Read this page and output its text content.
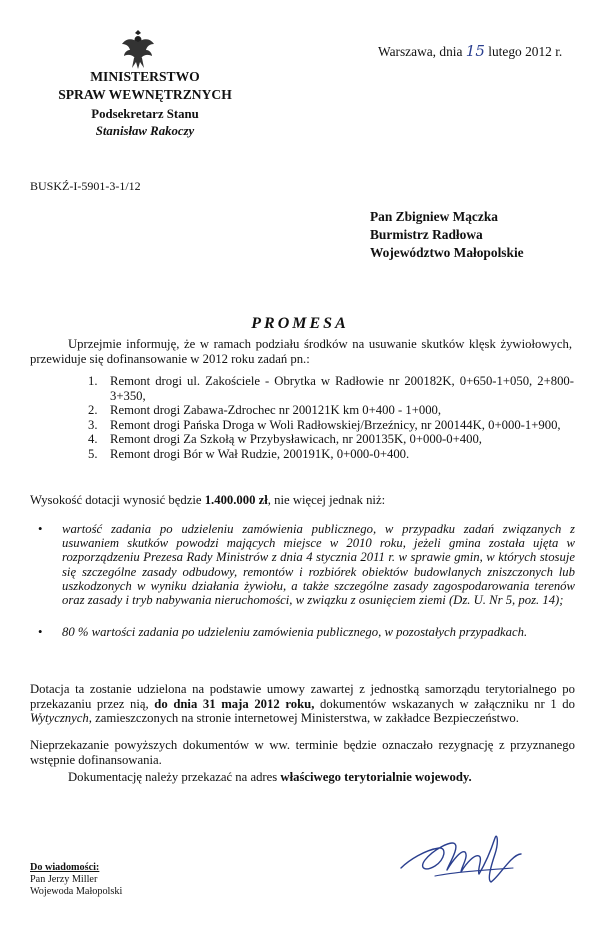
MINISTERSTWO
SPRAW WEWNĘTRZNYCH
Podsekretarz Stanu
Stanisław Rakoczy
Warszawa, dnia 15 lutego 2012 r.
BUSKŹ-I-5901-3-1/12
Pan Zbigniew Mączka
Burmistrz Radłowa
Województwo Małopolskie
PROMESA
Uprzejmie informuję, że w ramach podziału środków na usuwanie skutków klęsk żywiołowych, przewiduje się dofinansowanie w 2012 roku zadań pn.:
1. Remont drogi ul. Zakościele - Obrytka w Radłowie nr 200182K, 0+650-1+050, 2+800-3+350,
2. Remont drogi Zabawa-Zdrochec nr 200121K km 0+400 - 1+000,
3. Remont drogi Pańska Droga w Woli Radłowskiej/Brzeźnicy, nr 200144K, 0+000-1+900,
4. Remont drogi Za Szkołą w Przybysławicach, nr 200135K, 0+000-0+400,
5. Remont drogi Bór w Wał Rudzie, 200191K, 0+000-0+400.
Wysokość dotacji wynosić będzie 1.400.000 zł, nie więcej jednak niż:
• wartość zadania po udzieleniu zamówienia publicznego, w przypadku zadań związanych z usuwaniem skutków powodzi mających miejsce w 2010 roku, jeżeli gmina została ujęta w rozporządzeniu Prezesa Rady Ministrów z dnia 4 stycznia 2011 r. w sprawie gmin, w których stosuje się szczególne zasady odbudowy, remontów i rozbiórek obiektów budowlanych zniszczonych lub uszkodzonych w wyniku działania żywiołu, a także szczególne zasady zagospodarowania terenów oraz zasady i tryb nabywania nieruchomości, w związku z osunięciem ziemi (Dz. U. Nr 5, poz. 14);
• 80 % wartości zadania po udzieleniu zamówienia publicznego, w pozostałych przypadkach.
Dotacja ta zostanie udzielona na podstawie umowy zawartej z jednostką samorządu terytorialnego po przekazaniu przez nią, do dnia 31 maja 2012 roku, dokumentów wskazanych w załączniku nr 1 do Wytycznych, zamieszczonych na stronie internetowej Ministerstwa, w zakładce Bezpieczeństwo.
Nieprzekazanie powyższych dokumentów w ww. terminie będzie oznaczało rezygnację z przyznanego wstępnie dofinansowania.
Dokumentację należy przekazać na adres właściwego terytorialnie wojewody.
Do wiadomości:
Pan Jerzy Miller
Wojewoda Małopolski
